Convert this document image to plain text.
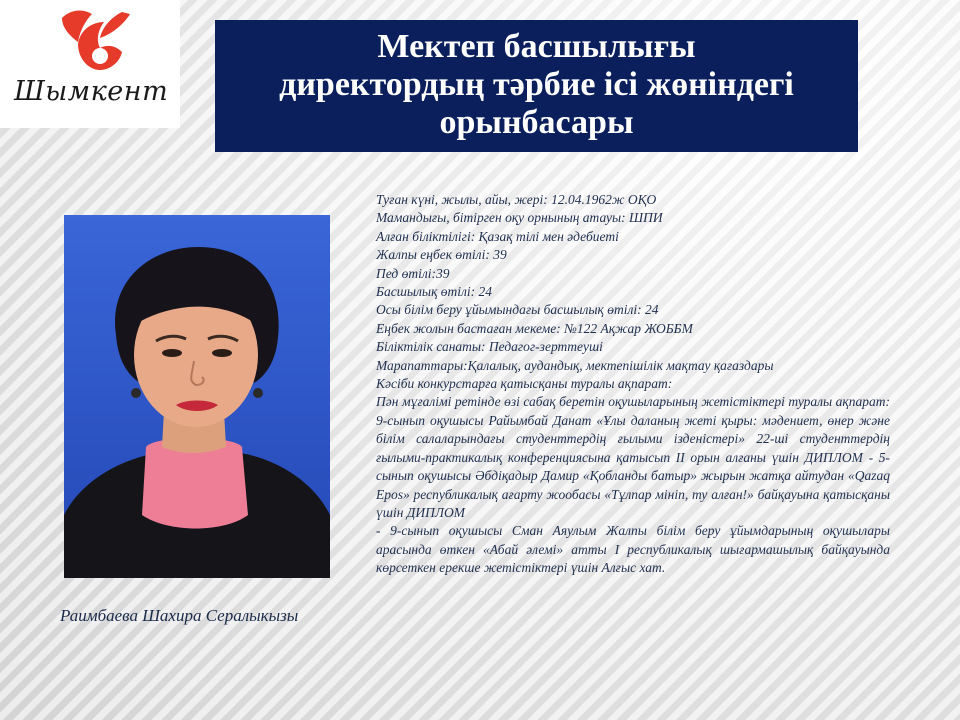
Шымкент
Мектеп басшылығы
директордың тәрбие ісі жөніндегі
орынбасары
Раимбаева Шахира Сералыкызы
Туған күні, жылы, айы, жері: 12.04.1962ж ОҚО
Мамандығы, бітірген оқу орнының атауы: ШПИ
Алған біліктілігі: Қазақ тілі мен әдебиеті
Жалпы еңбек өтілі: 39
Пед өтілі:39
Басшылық өтілі: 24
Осы білім беру ұйымындағы басшылық өтілі: 24
Еңбек жолын бастаған мекеме: №122 Ақжар ЖОББМ
Біліктілік санаты: Педагог-зерттеуші
Марапаттары:Қалалық, аудандық, мектепішілік мақтау қағаздары
Кәсіби конкурстарға қатысқаны туралы ақпарат:
Пән мұғалімі ретінде өзі сабақ беретін оқушыларының жетістіктері туралы ақпарат: 9-сынып оқушысы Райымбай Данат «Ұлы даланың жеті қыры: мәдениет, өнер және білім салаларындағы студенттердің ғылыми ізденістері» 22-ші студенттердің ғылыми-практикалық конференциясына қатысып ІІ орын алғаны үшін ДИПЛОМ - 5-сынып оқушысы Әбдіқадыр Дамир «Қобланды батыр» жырын жатқа айтудан «Qazaq Epos» республикалық ағарту жообасы «Тұлпар мініп, ту алған!» байқауына қатысқаны үшін ДИПЛОМ
- 9-сынып оқушысы Сман Аяулым Жалпы білім беру ұйымдарының оқушылары арасында өткен «Абай әлемі» атты І республикалық шығармашылық байқауында көрсеткен ерекше жетістіктері үшін Алғыс хат.
